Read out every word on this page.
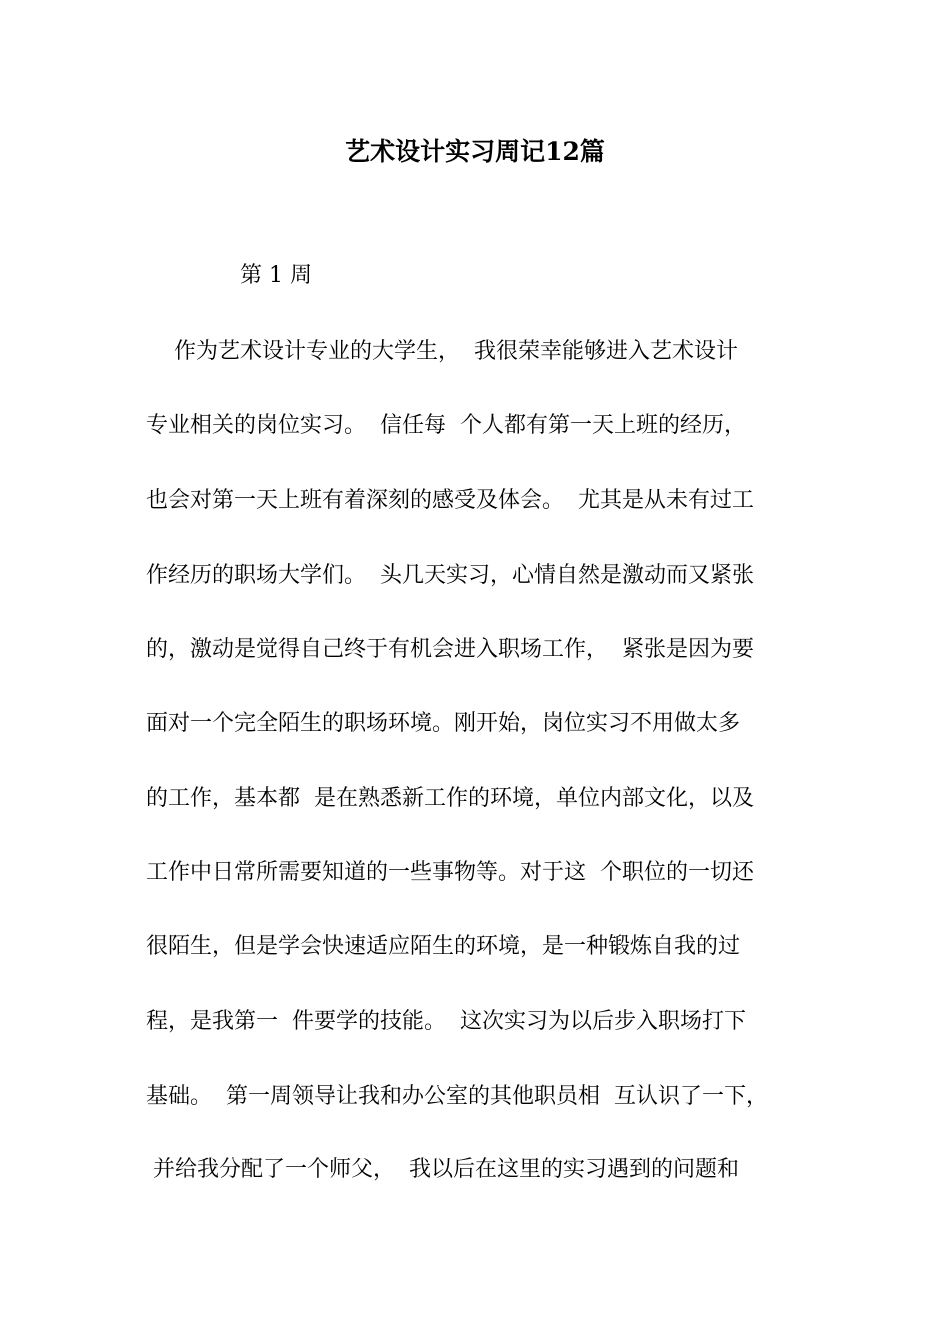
艺术设计实习周记12篇
第 1 周
作为艺术设计专业的大学生，  我很荣幸能够进入艺术设计
专业相关的岗位实习。  信任每  个人都有第一天上班的经历，
也会对第一天上班有着深刻的感受及体会。  尤其是从未有过工
作经历的职场大学们。  头几天实习，心情自然是激动而又紧张
的，激动是觉得自己终于有机会进入职场工作，  紧张是因为要
面对一个完全陌生的职场环境。刚开始，岗位实习不用做太多
的工作，基本都  是在熟悉新工作的环境，单位内部文化，以及
工作中日常所需要知道的一些事物等。对于这  个职位的一切还
很陌生，但是学会快速适应陌生的环境，是一种锻炼自我的过
程，是我第一  件要学的技能。  这次实习为以后步入职场打下
基础。  第一周领导让我和办公室的其他职员相  互认识了一下，
并给我分配了一个师父，  我以后在这里的实习遇到的问题和
